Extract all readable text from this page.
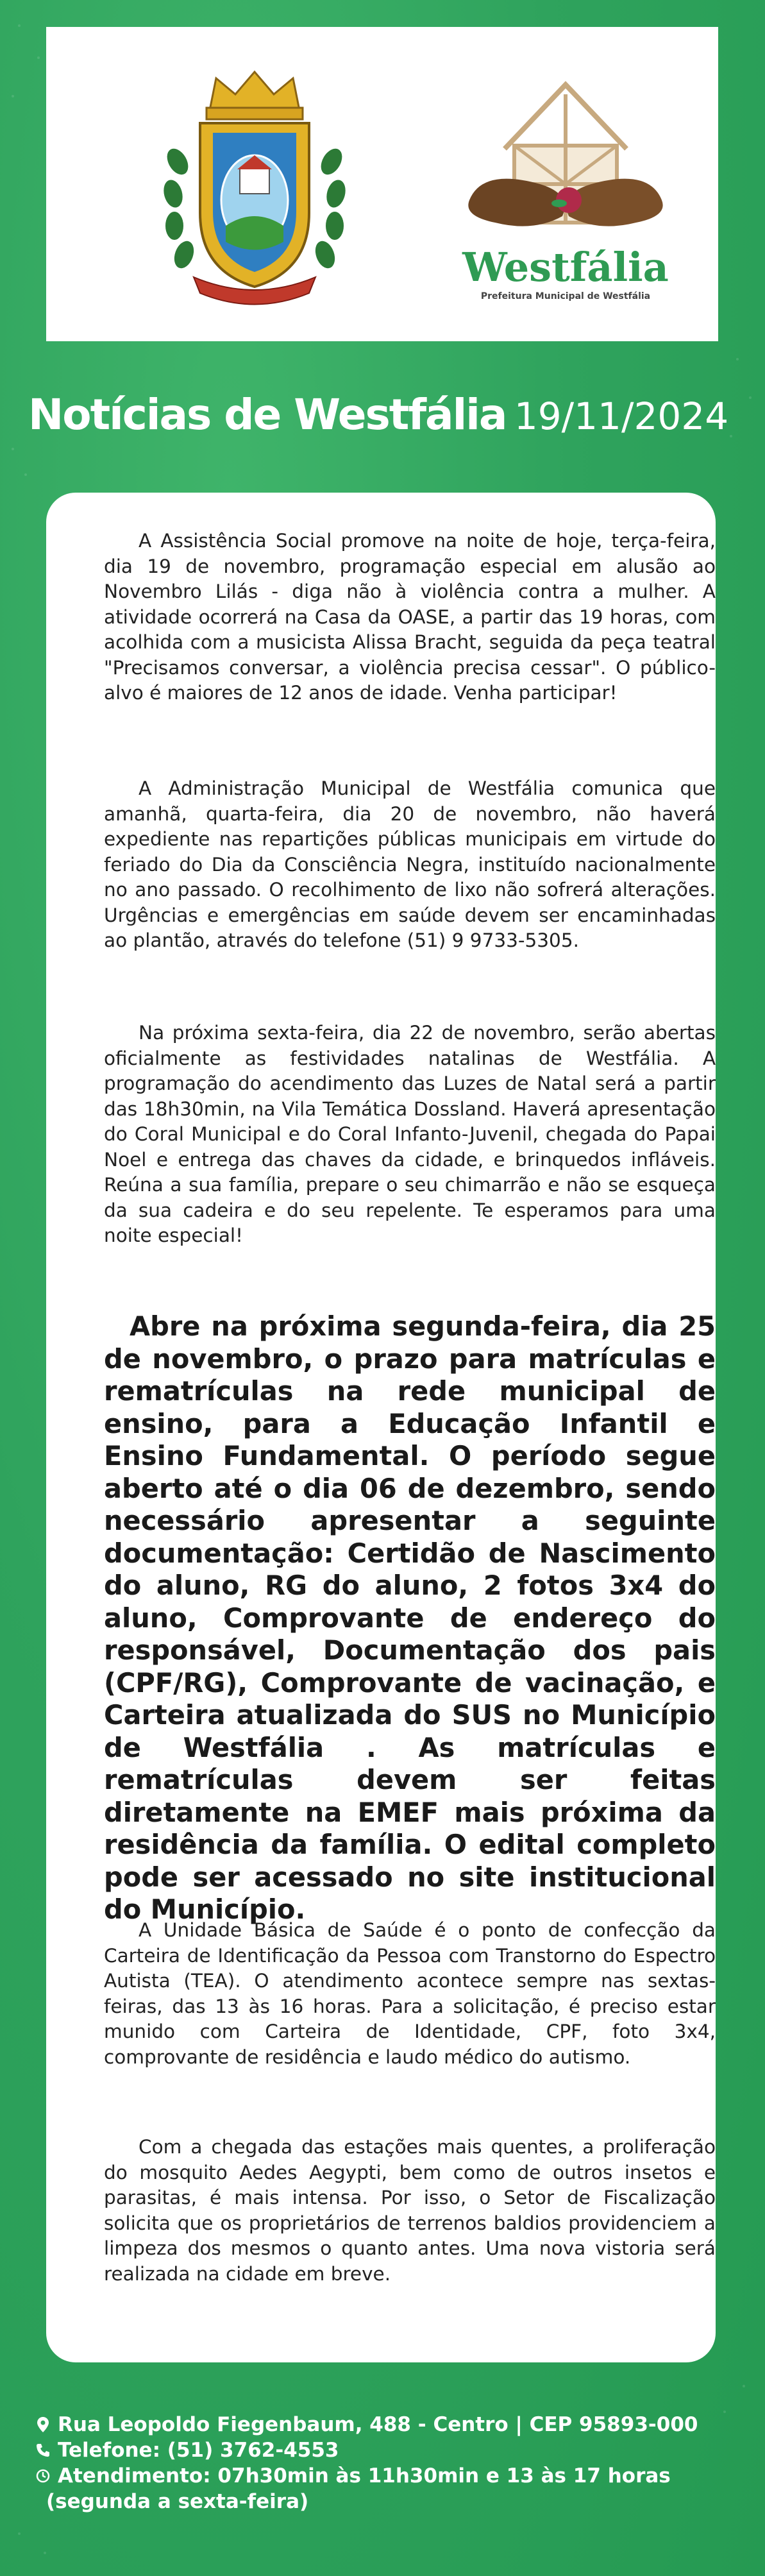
Westfália
Prefeitura Municipal de Westfália
Notícias de Westfália 19/11/2024

A Assistência Social promove na noite de hoje, terça-feira, dia 19 de novembro, programação especial em alusão ao Novembro Lilás - diga não à violência contra a mulher. A atividade ocorrerá na Casa da OASE, a partir das 19 horas, com acolhida com a musicista Alissa Bracht, seguida da peça teatral "Precisamos conversar, a violência precisa cessar". O público-alvo é maiores de 12 anos de idade. Venha participar!

A Administração Municipal de Westfália comunica que amanhã, quarta-feira, dia 20 de novembro, não haverá expediente nas repartições públicas municipais em virtude do feriado do Dia da Consciência Negra, instituído nacionalmente no ano passado. O recolhimento de lixo não sofrerá alterações. Urgências e emergências em saúde devem ser encaminhadas ao plantão, através do telefone (51) 9 9733-5305.

Na próxima sexta-feira, dia 22 de novembro, serão abertas oficialmente as festividades natalinas de Westfália. A programação do acendimento das Luzes de Natal será a partir das 18h30min, na Vila Temática Dossland. Haverá apresentação do Coral Municipal e do Coral Infanto-Juvenil, chegada do Papai Noel e entrega das chaves da cidade, e brinquedos infláveis. Reúna a sua família, prepare o seu chimarrão e não se esqueça da sua cadeira e do seu repelente. Te esperamos para uma noite especial!

Abre na próxima segunda-feira, dia 25 de novembro, o prazo para matrículas e rematrículas na rede municipal de ensino, para a Educação Infantil e Ensino Fundamental. O período segue aberto até o dia 06 de dezembro, sendo necessário apresentar a seguinte documentação: Certidão de Nascimento do aluno, RG do aluno, 2 fotos 3x4 do aluno, Comprovante de endereço do responsável, Documentação dos pais (CPF/RG), Comprovante de vacinação, e Carteira atualizada do SUS no Município de Westfália . As matrículas e rematrículas devem ser feitas diretamente na EMEF mais próxima da residência da família. O edital completo pode ser acessado no site institucional do Município.

A Unidade Básica de Saúde é o ponto de confecção da Carteira de Identificação da Pessoa com Transtorno do Espectro Autista (TEA). O atendimento acontece sempre nas sextas-feiras, das 13 às 16 horas. Para a solicitação, é preciso estar munido com Carteira de Identidade, CPF, foto 3x4, comprovante de residência e laudo médico do autismo.

Com a chegada das estações mais quentes, a proliferação do mosquito Aedes Aegypti, bem como de outros insetos e parasitas, é mais intensa. Por isso, o Setor de Fiscalização solicita que os proprietários de terrenos baldios providenciem a limpeza dos mesmos o quanto antes. Uma nova vistoria será realizada na cidade em breve.

Rua Leopoldo Fiegenbaum, 488 - Centro | CEP 95893-000
Telefone: (51) 3762-4553
Atendimento: 07h30min às 11h30min e 13 às 17 horas
(segunda a sexta-feira)
